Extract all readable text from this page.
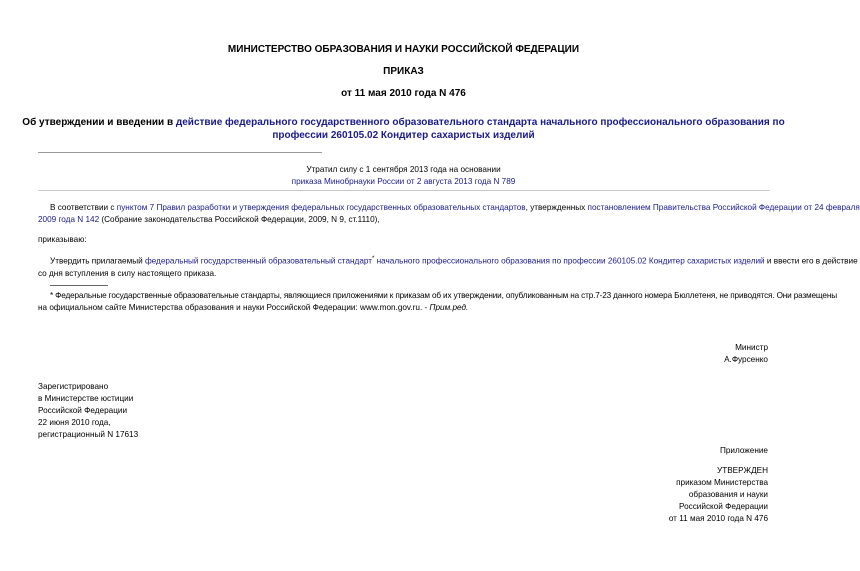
МИНИСТЕРСТВО ОБРАЗОВАНИЯ И НАУКИ РОССИЙСКОЙ ФЕДЕРАЦИИ
ПРИКАЗ
от 11 мая 2010 года N 476
Об утверждении и введении в действие федерального государственного образовательного стандарта начального профессионального образования по
профессии 260105.02 Кондитер сахаристых изделий
Утратил силу с 1 сентября 2013 года на основании
приказа Минобрнауки России от 2 августа 2013 года N 789
В соответствии с пунктом 7 Правил разработки и утверждения федеральных государственных образовательных стандартов, утвержденных постановлением Правительства Российской Федерации от 24 февраля
2009 года N 142 (Собрание законодательства Российской Федерации, 2009, N 9, ст.1110),
приказываю:
Утвердить прилагаемый федеральный государственный образовательный стандарт* начального профессионального образования по профессии 260105.02 Кондитер сахаристых изделий и ввести его в действие
со дня вступления в силу настоящего приказа.
* Федеральные государственные образовательные стандарты, являющиеся приложениями к приказам об их утверждении, опубликованным на стр.7-23 данного номера Бюллетеня, не приводятся. Они размещены
на официальном сайте Министерства образования и науки Российской Федерации: www.mon.gov.ru. - Прим.ред.
Министр
А.Фурсенко
Зарегистрировано
в Министерстве юстиции
Российской Федерации
22 июня 2010 года,
регистрационный N 17613
Приложение
УТВЕРЖДЕН
приказом Министерства
образования и науки
Российской Федерации
от 11 мая 2010 года N 476
